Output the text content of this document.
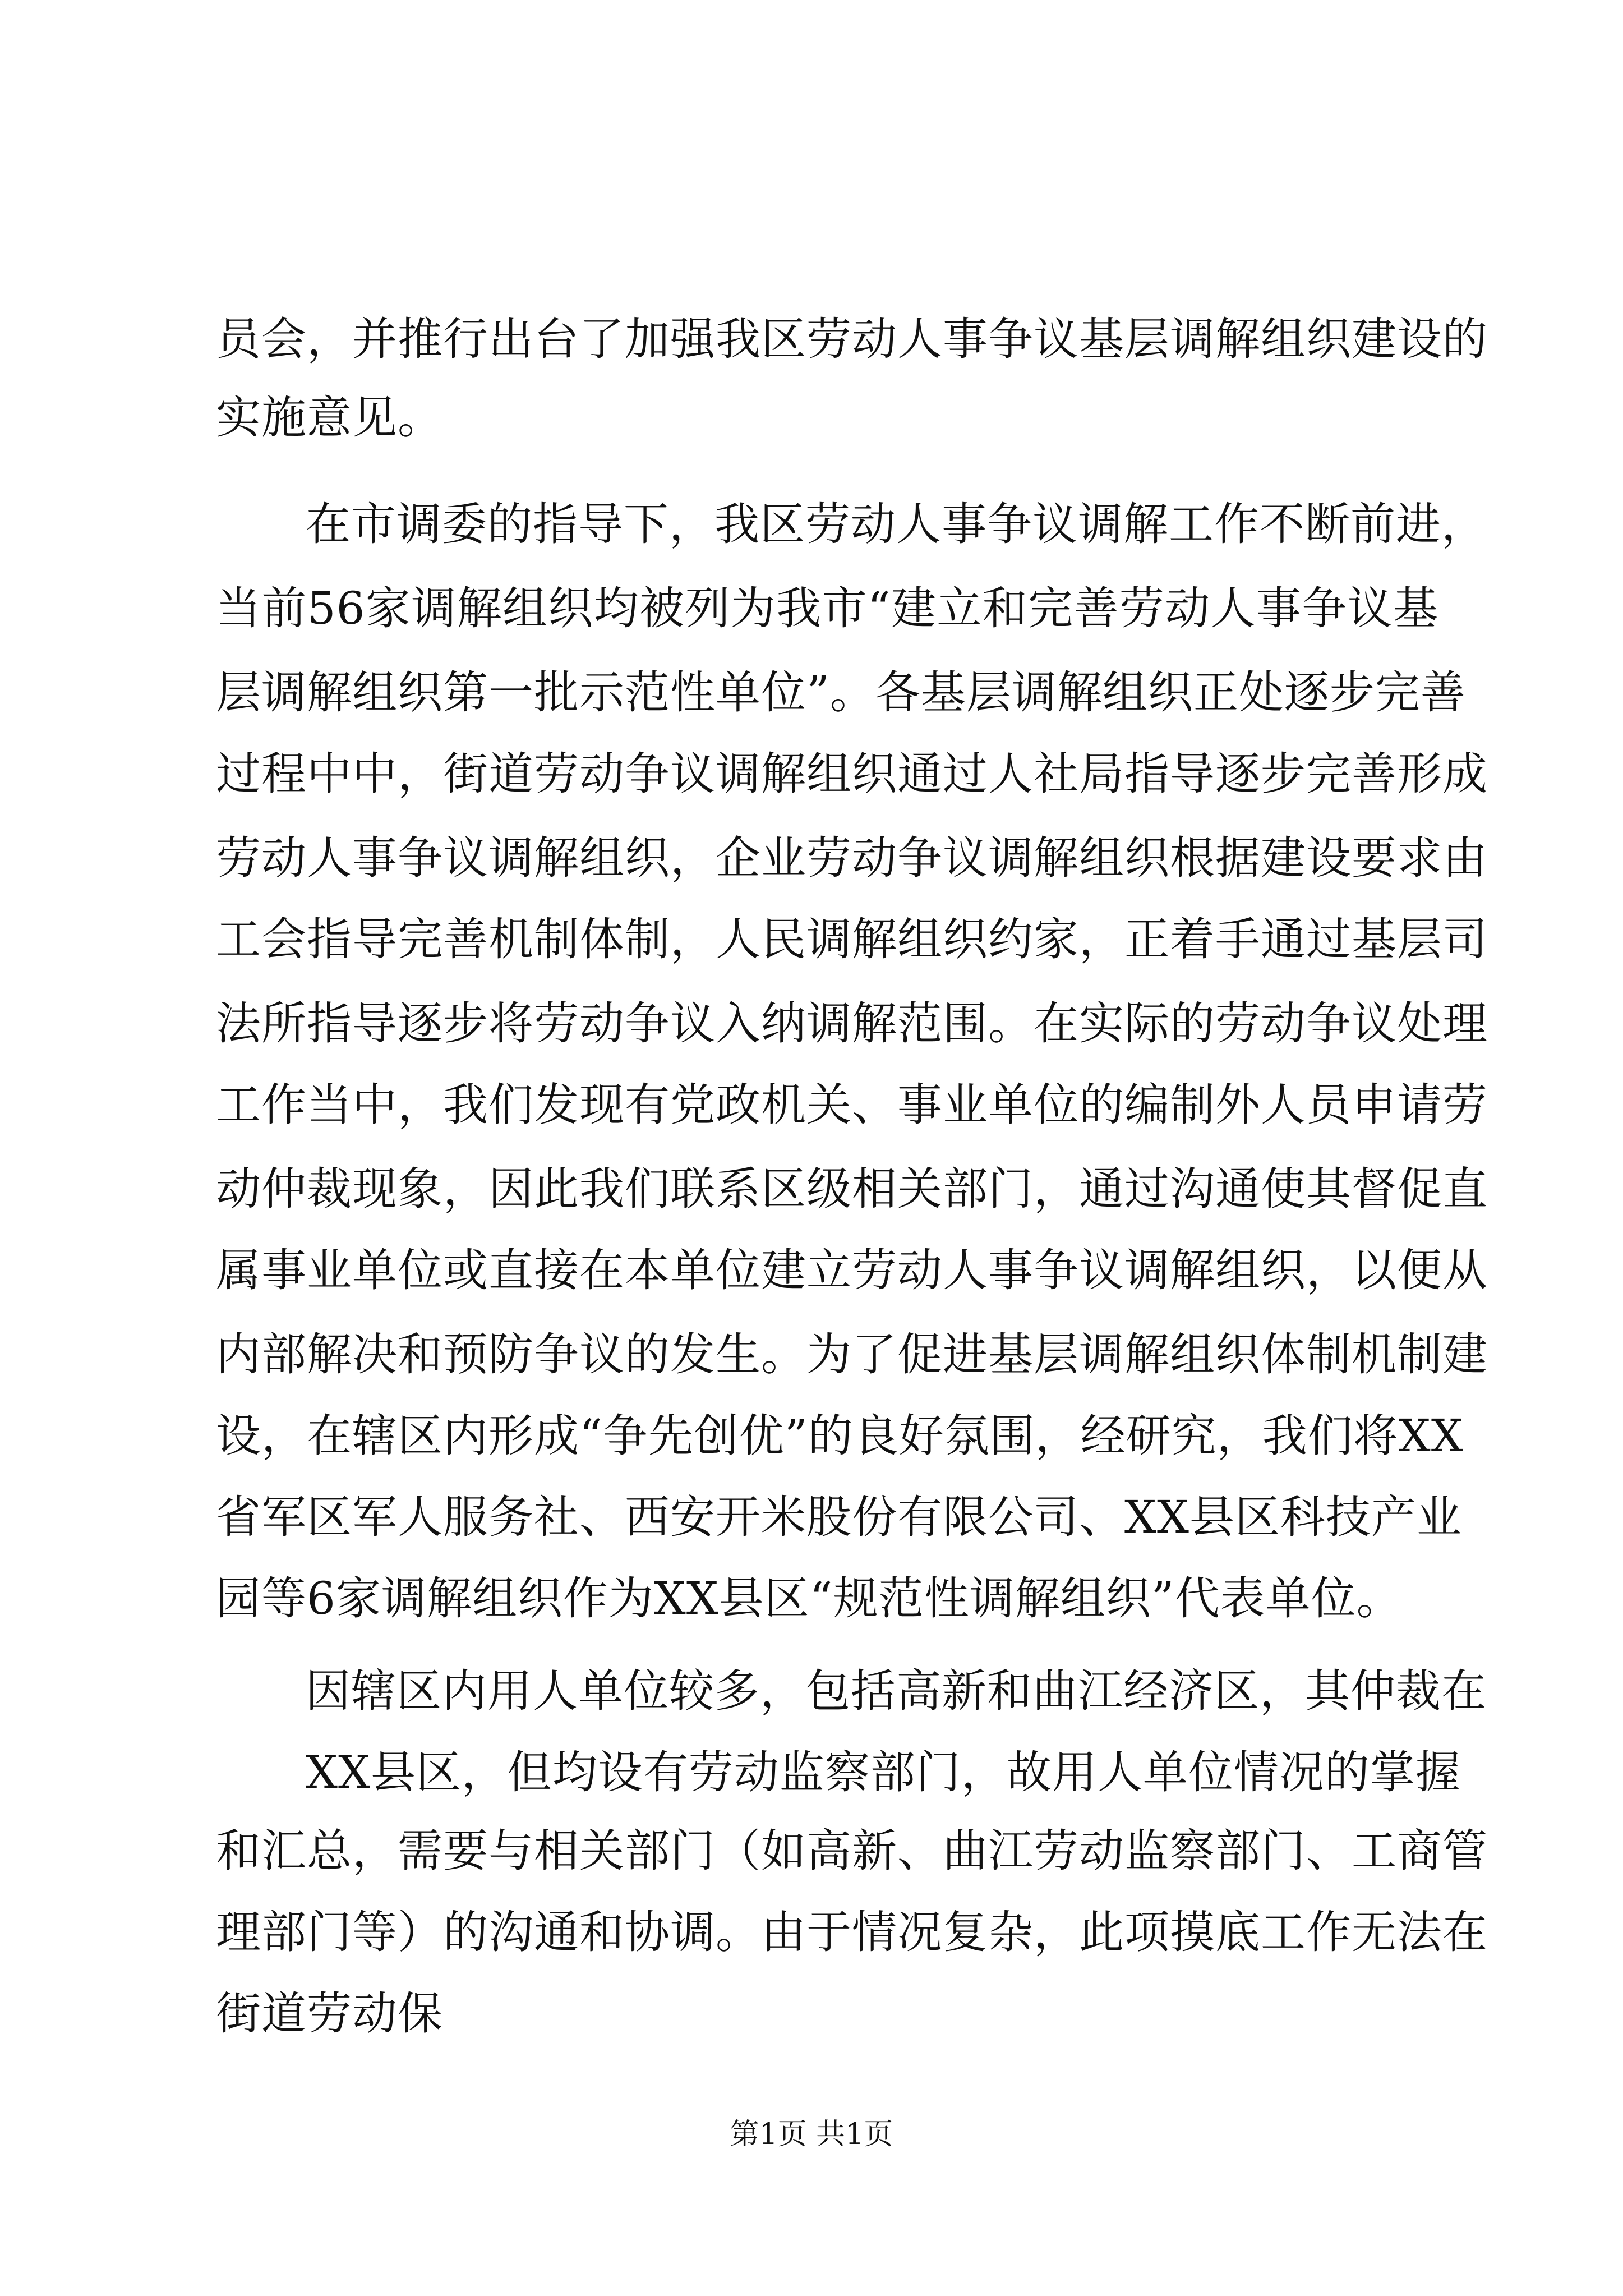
员会，并推行出台了加强我区劳动人事争议基层调解组织建设的
实施意见。
在市调委的指导下，我区劳动人事争议调解工作不断前进，
当前56家调解组织均被列为我市“建立和完善劳动人事争议基
层调解组织第一批示范性单位”。各基层调解组织正处逐步完善
过程中中，街道劳动争议调解组织通过人社局指导逐步完善形成
劳动人事争议调解组织，企业劳动争议调解组织根据建设要求由
工会指导完善机制体制，人民调解组织约家，正着手通过基层司
法所指导逐步将劳动争议入纳调解范围。在实际的劳动争议处理
工作当中，我们发现有党政机关、事业单位的编制外人员申请劳
动仲裁现象，因此我们联系区级相关部门，通过沟通使其督促直
属事业单位或直接在本单位建立劳动人事争议调解组织，以便从
内部解决和预防争议的发生。为了促进基层调解组织体制机制建
设，在辖区内形成“争先创优”的良好氛围，经研究，我们将XX
省军区军人服务社、西安开米股份有限公司、XX县区科技产业
园等6家调解组织作为XX县区“规范性调解组织”代表单位。
因辖区内用人单位较多，包括高新和曲江经济区，其仲裁在
XX县区，但均设有劳动监察部门，故用人单位情况的掌握
和汇总，需要与相关部门（如高新、曲江劳动监察部门、工商管
理部门等）的沟通和协调。由于情况复杂，此项摸底工作无法在
街道劳动保
第1页 共1页
